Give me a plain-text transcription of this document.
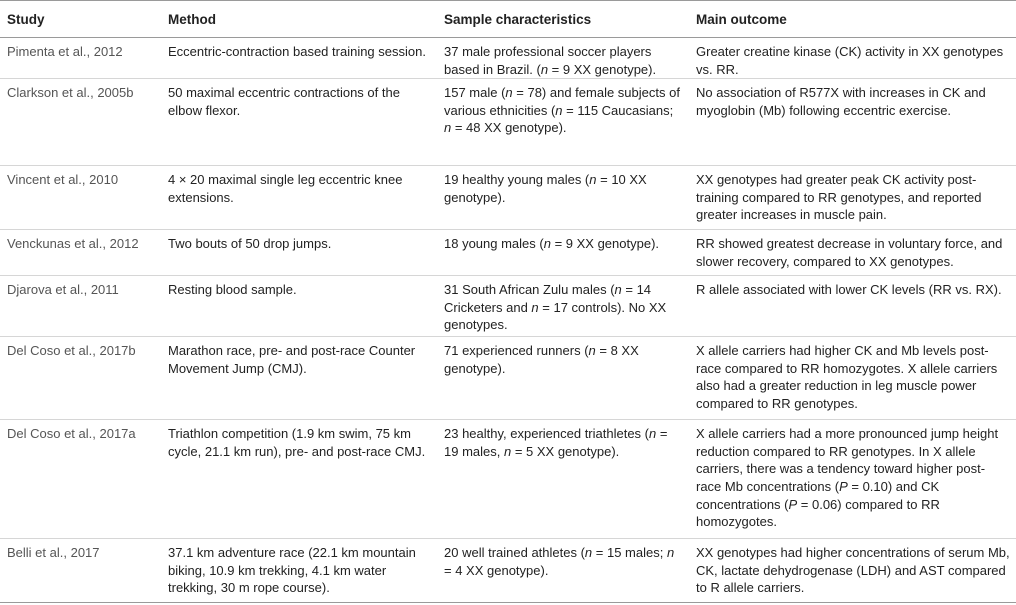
Study	Method	Sample characteristics	Main outcome
Pimenta et al., 2012	Eccentric-contraction based training session.	37 male professional soccer players based in Brazil. (n = 9 XX genotype).	Greater creatine kinase (CK) activity in XX genotypes vs. RR.
Clarkson et al., 2005b	50 maximal eccentric contractions of the elbow flexor.	157 male (n = 78) and female subjects of various ethnicities (n = 115 Caucasians; n = 48 XX genotype).	No association of R577X with increases in CK and myoglobin (Mb) following eccentric exercise.
Vincent et al., 2010	4 × 20 maximal single leg eccentric knee extensions.	19 healthy young males (n = 10 XX genotype).	XX genotypes had greater peak CK activity post-training compared to RR genotypes, and reported greater increases in muscle pain.
Venckunas et al., 2012	Two bouts of 50 drop jumps.	18 young males (n = 9 XX genotype).	RR showed greatest decrease in voluntary force, and slower recovery, compared to XX genotypes.
Djarova et al., 2011	Resting blood sample.	31 South African Zulu males (n = 14 Cricketers and n = 17 controls). No XX genotypes.	R allele associated with lower CK levels (RR vs. RX).
Del Coso et al., 2017b	Marathon race, pre- and post-race Counter Movement Jump (CMJ).	71 experienced runners (n = 8 XX genotype).	X allele carriers had higher CK and Mb levels post-race compared to RR homozygotes. X allele carriers also had a greater reduction in leg muscle power compared to RR genotypes.
Del Coso et al., 2017a	Triathlon competition (1.9 km swim, 75 km cycle, 21.1 km run), pre- and post-race CMJ.	23 healthy, experienced triathletes (n = 19 males, n = 5 XX genotype).	X allele carriers had a more pronounced jump height reduction compared to RR genotypes. In X allele carriers, there was a tendency toward higher post-race Mb concentrations (P = 0.10) and CK concentrations (P = 0.06) compared to RR homozygotes.
Belli et al., 2017	37.1 km adventure race (22.1 km mountain biking, 10.9 km trekking, 4.1 km water trekking, 30 m rope course).	20 well trained athletes (n = 15 males; n = 4 XX genotype).	XX genotypes had higher concentrations of serum Mb, CK, lactate dehydrogenase (LDH) and AST compared to R allele carriers.
